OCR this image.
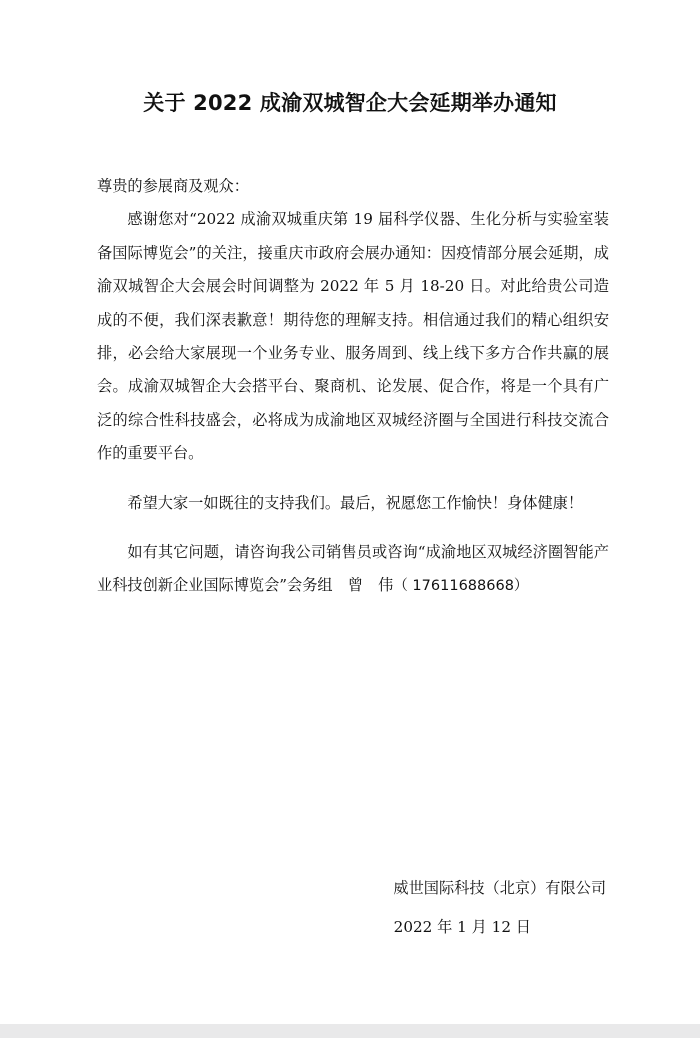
关于 2022 成渝双城智企大会延期举办通知

尊贵的参展商及观众：

感谢您对“2022 成渝双城重庆第 19 届科学仪器、生化分析与实验室装备国际博览会”的关注，接重庆市政府会展办通知：因疫情部分展会延期，成渝双城智企大会展会时间调整为 2022 年 5 月 18-20 日。对此给贵公司造成的不便，我们深表歉意！期待您的理解支持。相信通过我们的精心组织安排，必会给大家展现一个业务专业、服务周到、线上线下多方合作共赢的展会。成渝双城智企大会搭平台、聚商机、论发展、促合作，将是一个具有广泛的综合性科技盛会，必将成为成渝地区双城经济圈与全国进行科技交流合作的重要平台。

希望大家一如既往的支持我们。最后，祝愿您工作愉快！身体健康！

如有其它问题，请咨询我公司销售员或咨询“成渝地区双城经济圈智能产业科技创新企业国际博览会”会务组　曾　伟（ 17611688668）

威世国际科技（北京）有限公司
2022 年 1 月 12 日
